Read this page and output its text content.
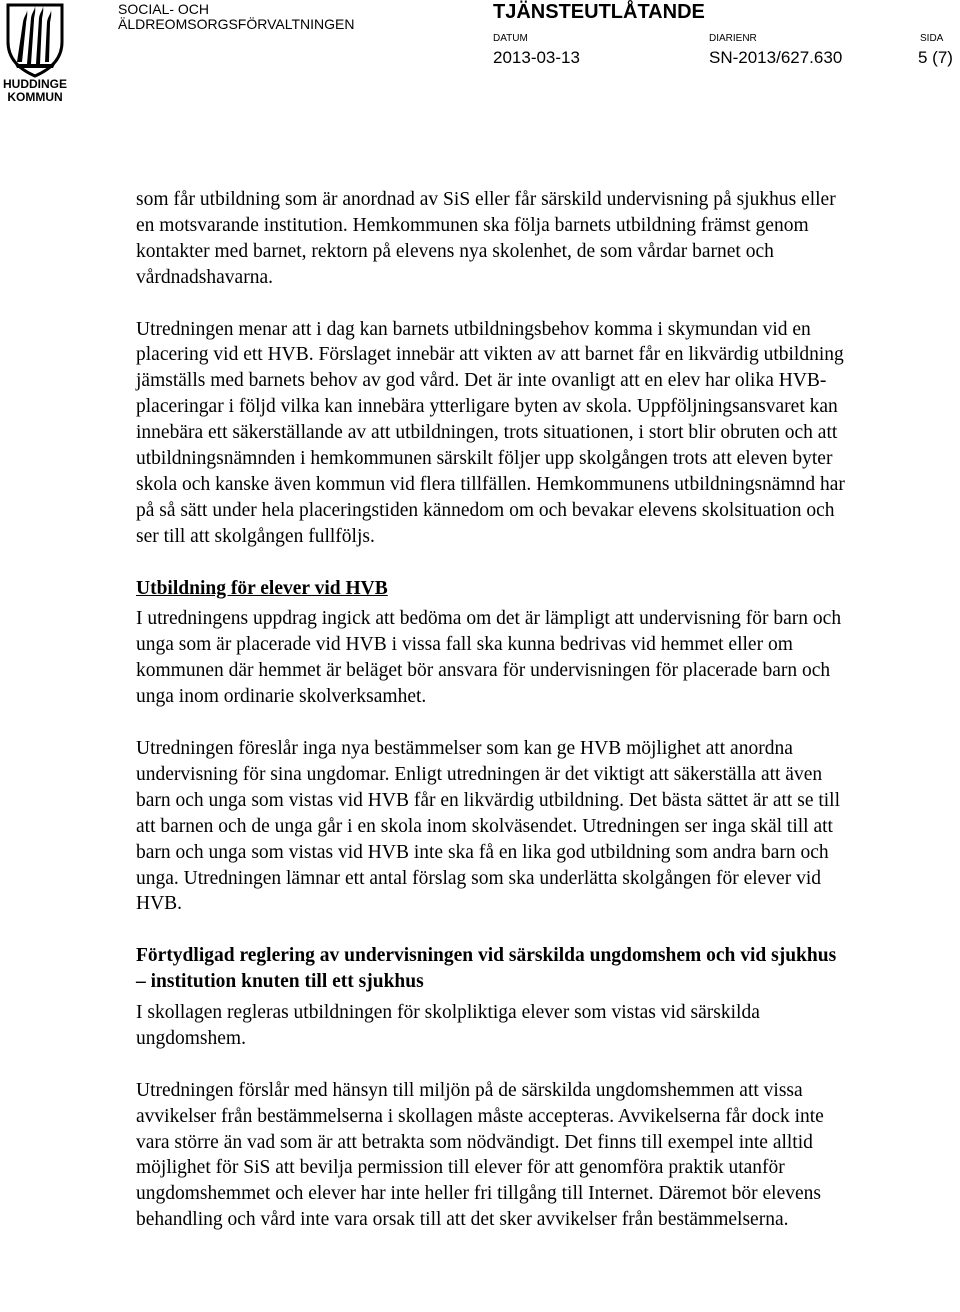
HUDDINGE
KOMMUN
SOCIAL- OCH
ÄLDREOMSORGSFÖRVALTNINGEN
TJÄNSTEUTLÅTANDE
DATUM
2013-03-13
DIARIENR
SN-2013/627.630
SIDA
5 (7)

som får utbildning som är anordnad av SiS eller får särskild undervisning på sjukhus eller en motsvarande institution. Hemkommunen ska följa barnets utbildning främst genom kontakter med barnet, rektorn på elevens nya skolenhet, de som vårdar barnet och vårdnadshavarna.

Utredningen menar att i dag kan barnets utbildningsbehov komma i skymundan vid en placering vid ett HVB. Förslaget innebär att vikten av att barnet får en likvärdig utbildning jämställs med barnets behov av god vård. Det är inte ovanligt att en elev har olika HVB-placeringar i följd vilka kan innebära ytterligare byten av skola. Uppföljningsansvaret kan innebära ett säkerställande av att utbildningen, trots situationen, i stort blir obruten och att utbildningsnämnden i hemkommunen särskilt följer upp skolgången trots att eleven byter skola och kanske även kommun vid flera tillfällen. Hemkommunens utbildningsnämnd har på så sätt under hela placeringstiden kännedom om och bevakar elevens skolsituation och ser till att skolgången fullföljs.

Utbildning för elever vid HVB

I utredningens uppdrag ingick att bedöma om det är lämpligt att undervisning för barn och unga som är placerade vid HVB i vissa fall ska kunna bedrivas vid hemmet eller om kommunen där hemmet är beläget bör ansvara för undervisningen för placerade barn och unga inom ordinarie skolverksamhet.

Utredningen föreslår inga nya bestämmelser som kan ge HVB möjlighet att anordna undervisning för sina ungdomar. Enligt utredningen är det viktigt att säkerställa att även barn och unga som vistas vid HVB får en likvärdig utbildning. Det bästa sättet är att se till att barnen och de unga går i en skola inom skolväsendet. Utredningen ser inga skäl till att barn och unga som vistas vid HVB inte ska få en lika god utbildning som andra barn och unga. Utredningen lämnar ett antal förslag som ska underlätta skolgången för elever vid HVB.

Förtydligad reglering av undervisningen vid särskilda ungdomshem och vid sjukhus – institution knuten till ett sjukhus

I skollagen regleras utbildningen för skolpliktiga elever som vistas vid särskilda ungdomshem.

Utredningen förslår med hänsyn till miljön på de särskilda ungdomshemmen att vissa avvikelser från bestämmelserna i skollagen måste accepteras. Avvikelserna får dock inte vara större än vad som är att betrakta som nödvändigt. Det finns till exempel inte alltid möjlighet för SiS att bevilja permission till elever för att genomföra praktik utanför ungdomshemmet och elever har inte heller fri tillgång till Internet. Däremot bör elevens behandling och vård inte vara orsak till att det sker avvikelser från bestämmelserna.
